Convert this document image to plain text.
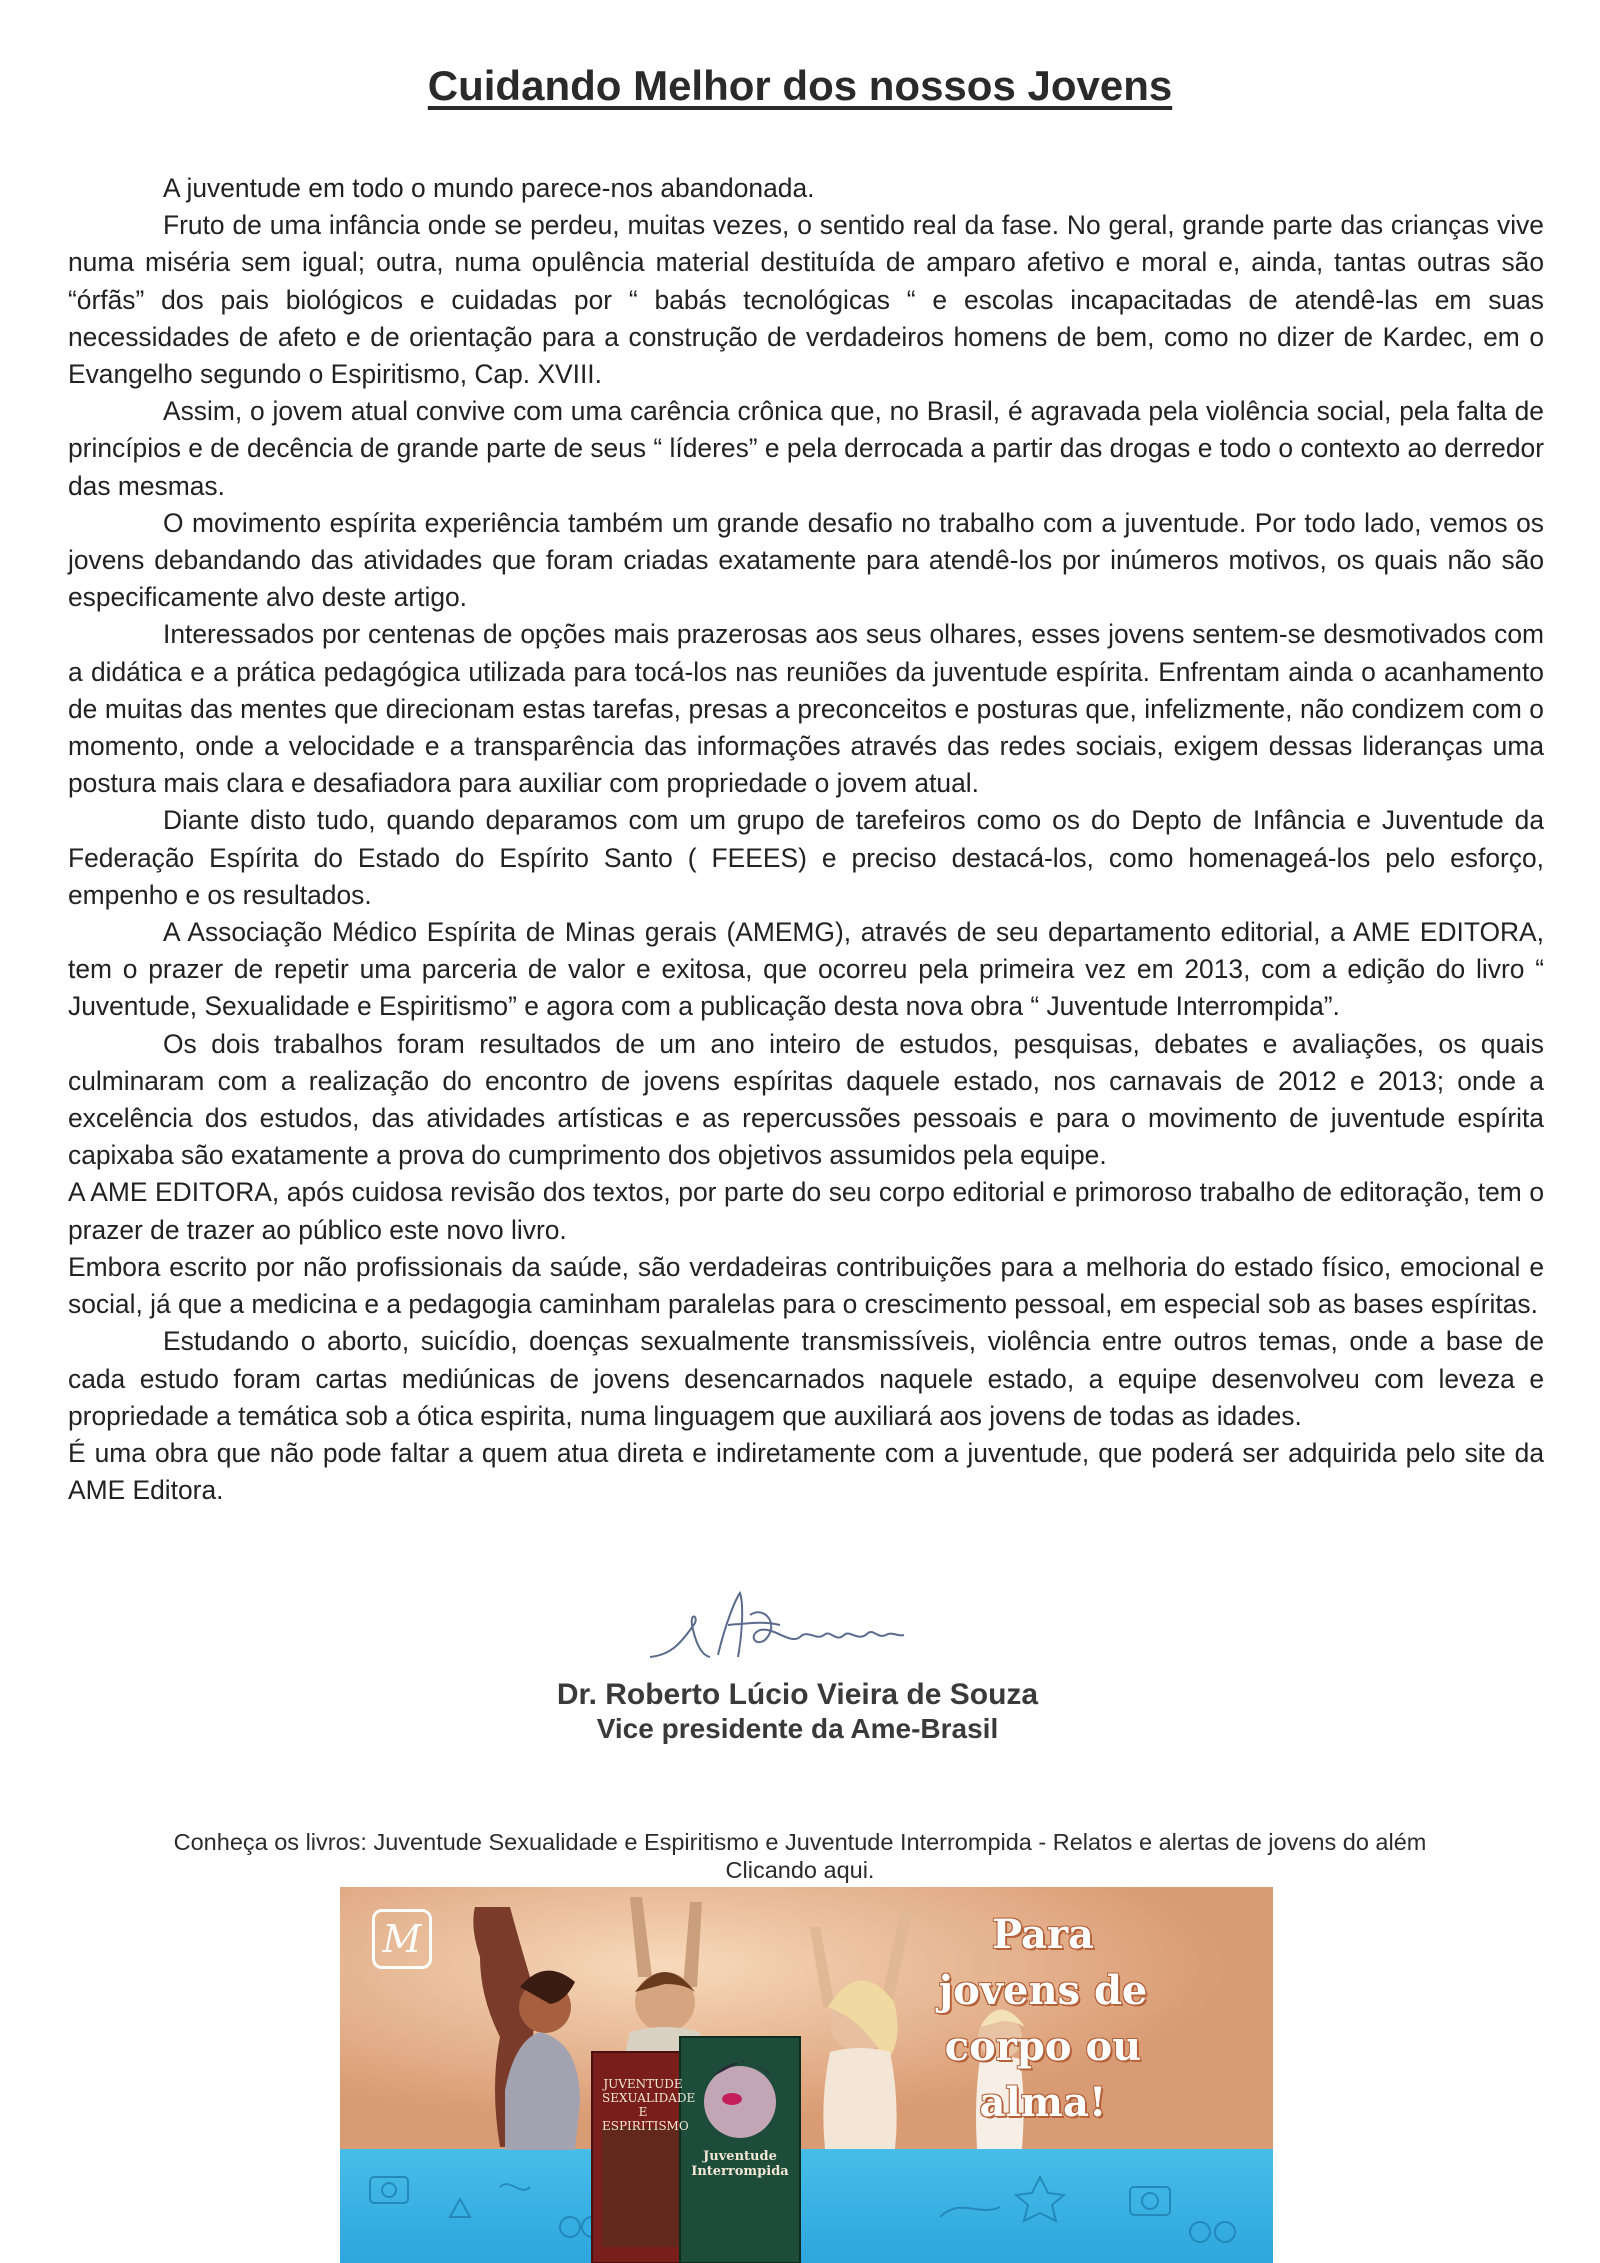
Cuidando Melhor dos nossos Jovens

A juventude em todo o mundo parece-nos abandonada.

Fruto de uma infância onde se perdeu, muitas vezes, o sentido real da fase. No geral, grande parte das crianças vive numa miséria sem igual; outra, numa opulência material destituída de amparo afetivo e moral e, ainda, tantas outras são “órfãs” dos pais biológicos e cuidadas por “ babás tecnológicas “ e escolas incapacitadas de atendê-las em suas necessidades de afeto e de orientação para a construção de verdadeiros homens de bem, como no dizer de Kardec, em o Evangelho segundo o Espiritismo, Cap. XVIII.

Assim, o jovem atual convive com uma carência crônica que, no Brasil, é agravada pela violência social, pela falta de princípios e de decência de grande parte de seus “ líderes” e pela derrocada a partir das drogas e todo o contexto ao derredor das mesmas.

O movimento espírita experiência também um grande desafio no trabalho com a juventude. Por todo lado, vemos os jovens debandando das atividades que foram criadas exatamente para atendê-los por inúmeros motivos, os quais não são especificamente alvo deste artigo.

Interessados por centenas de opções mais prazerosas aos seus olhares, esses jovens sentem-se desmotivados com a didática e a prática pedagógica utilizada para tocá-los nas reuniões da juventude espírita. Enfrentam ainda o acanhamento de muitas das mentes que direcionam estas tarefas, presas a preconceitos e posturas que, infelizmente, não condizem com o momento, onde a velocidade e a transparência das informações através das redes sociais, exigem dessas lideranças uma postura mais clara e desafiadora para auxiliar com propriedade o jovem atual.

Diante disto tudo, quando deparamos com um grupo de tarefeiros como os do Depto de Infância e Juventude da Federação Espírita do Estado do Espírito Santo ( FEEES) e preciso destacá-los, como homenageá-los pelo esforço, empenho e os resultados.

A Associação Médico Espírita de Minas gerais (AMEMG), através de seu departamento editorial, a AME EDITORA, tem o prazer de repetir uma parceria de valor e exitosa, que ocorreu pela primeira vez em 2013, com a edição do livro “ Juventude, Sexualidade e Espiritismo” e agora com a publicação desta nova obra “ Juventude Interrompida”.

Os dois trabalhos foram resultados de um ano inteiro de estudos, pesquisas, debates e avaliações, os quais culminaram com a realização do encontro de jovens espíritas daquele estado, nos carnavais de 2012 e 2013; onde a excelência dos estudos, das atividades artísticas e as repercussões pessoais e para o movimento de juventude espírita capixaba são exatamente a prova do cumprimento dos objetivos assumidos pela equipe.

A AME EDITORA, após cuidosa revisão dos textos, por parte do seu corpo editorial e primoroso trabalho de editoração, tem o prazer de trazer ao público este novo livro.

Embora escrito por não profissionais da saúde, são verdadeiras contribuições para a melhoria do estado físico, emocional e social, já que a medicina e a pedagogia caminham paralelas para o crescimento pessoal, em especial sob as bases espíritas.

Estudando o aborto, suicídio, doenças sexualmente transmissíveis, violência entre outros temas, onde a base de cada estudo foram cartas mediúnicas de jovens desencarnados naquele estado, a equipe desenvolveu com leveza e propriedade a temática sob a ótica espirita, numa linguagem que auxiliará aos jovens de todas as idades.

É uma obra que não pode faltar a quem atua direta e indiretamente com a juventude, que poderá ser adquirida pelo site da AME Editora.

Dr. Roberto Lúcio Vieira de Souza

Vice presidente da Ame-Brasil

Conheça os livros: Juventude Sexualidade e Espiritismo e Juventude Interrompida - Relatos e alertas de jovens do além
Clicando aqui.
M
JUVENTUDE SEXUALIDADE E ESPIRITISMO
Juventude Interrompida
Para
jovens de
corpo ou
alma!
